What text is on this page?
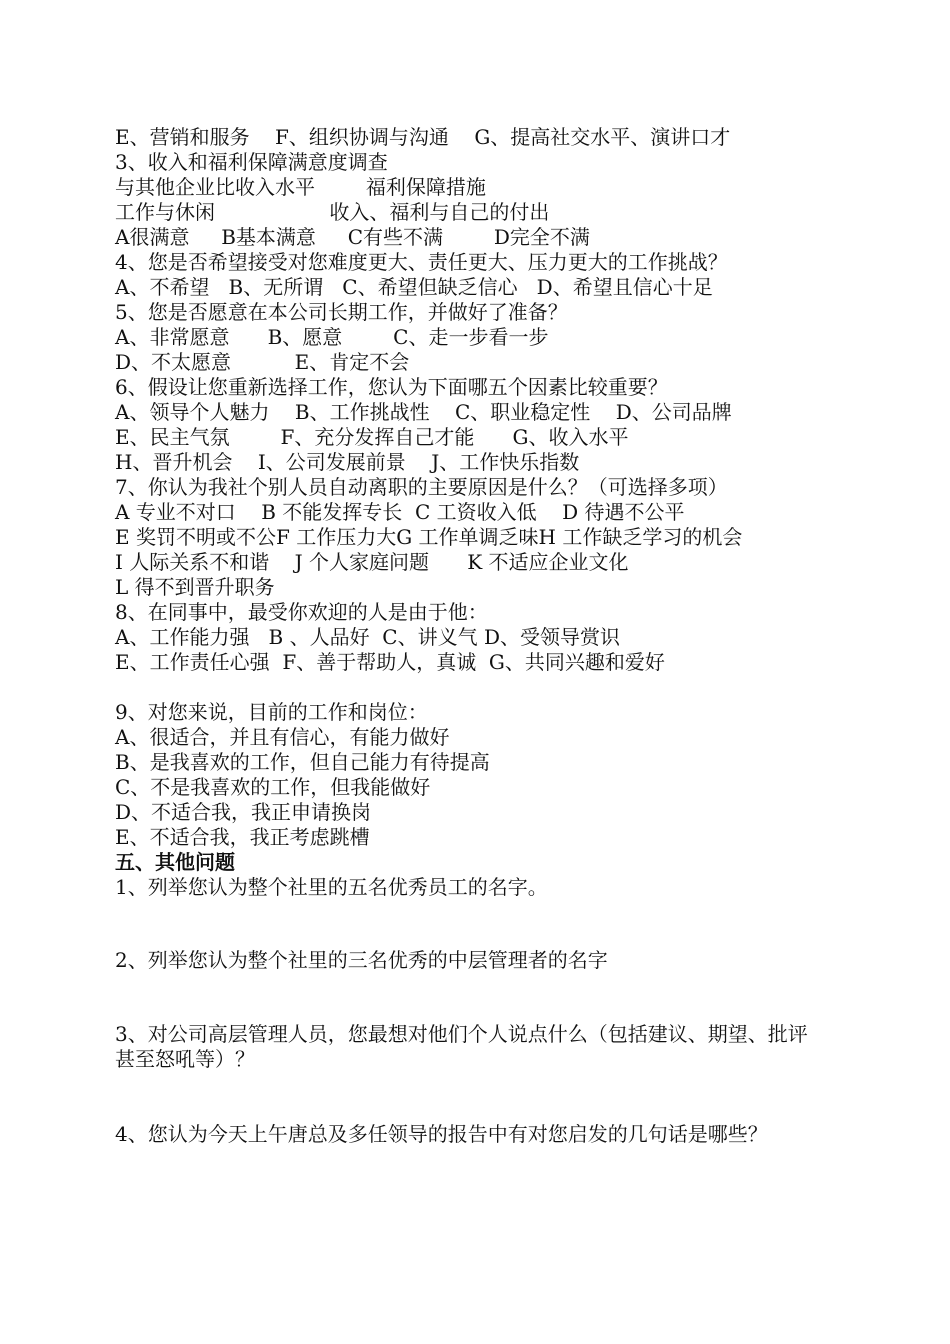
E、营销和服务    F、组织协调与沟通    G、提高社交水平、演讲口才
3、收入和福利保障满意度调查
与其他企业比收入水平        福利保障措施
工作与休闲                  收入、福利与自己的付出
A很满意     B基本满意     C有些不满        D完全不满
4、您是否希望接受对您难度更大、责任更大、压力更大的工作挑战？
A、不希望   B、无所谓   C、希望但缺乏信心   D、希望且信心十足
5、您是否愿意在本公司长期工作，并做好了准备？
A、非常愿意      B、愿意        C、走一步看一步
D、不太愿意          E、肯定不会
6、假设让您重新选择工作，您认为下面哪五个因素比较重要？
A、领导个人魅力    B、工作挑战性    C、职业稳定性    D、公司品牌
E、民主气氛        F、充分发挥自己才能      G、收入水平
H、晋升机会    I、公司发展前景    J、工作快乐指数
7、你认为我社个别人员自动离职的主要原因是什么？（可选择多项）
A 专业不对口    B 不能发挥专长  C 工资收入低    D 待遇不公平
E 奖罚不明或不公F 工作压力大G 工作单调乏味H 工作缺乏学习的机会
I 人际关系不和谐    J 个人家庭问题      K 不适应企业文化
L 得不到晋升职务
8、在同事中，最受你欢迎的人是由于他：
A、工作能力强   B 、人品好  C、讲义气 D、受领导赏识
E、工作责任心强  F、善于帮助人，真诚  G、共同兴趣和爱好
9、对您来说，目前的工作和岗位：
A、很适合，并且有信心，有能力做好
B、是我喜欢的工作，但自己能力有待提高
C、不是我喜欢的工作，但我能做好
D、不适合我，我正申请换岗
E、不适合我，我正考虑跳槽
五、其他问题
1、列举您认为整个社里的五名优秀员工的名字。
2、列举您认为整个社里的三名优秀的中层管理者的名字
3、对公司高层管理人员，您最想对他们个人说点什么（包括建议、期望、批评
甚至怒吼等）？
4、您认为今天上午唐总及多任领导的报告中有对您启发的几句话是哪些？
